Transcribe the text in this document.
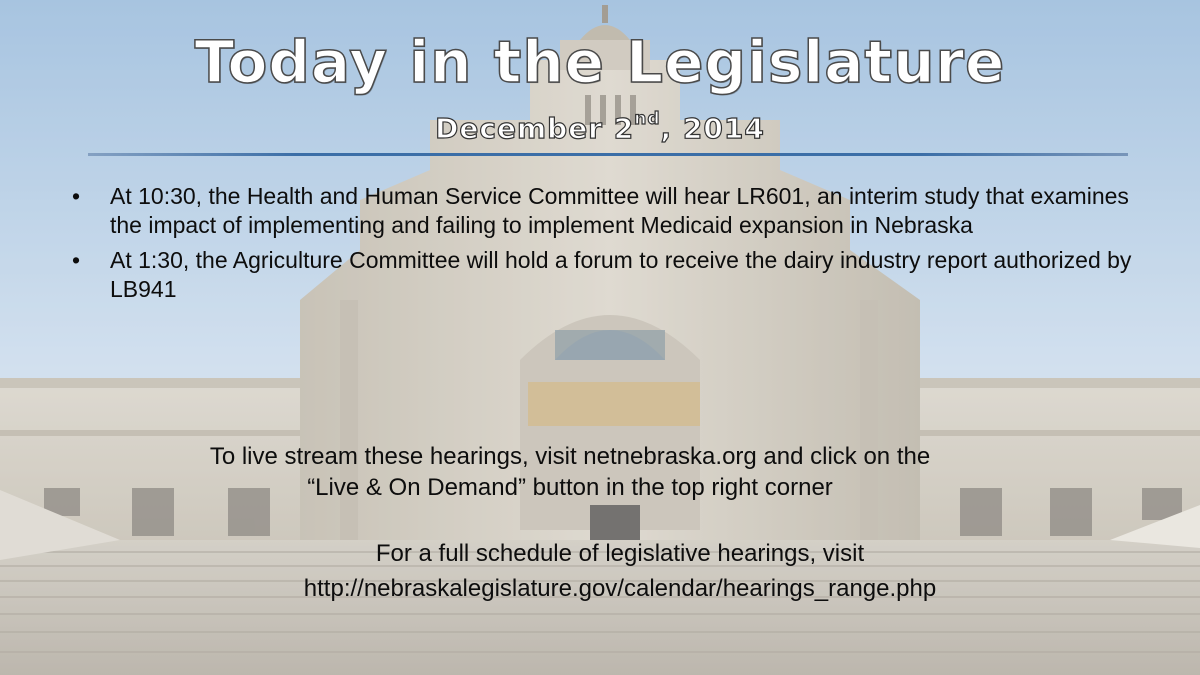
Today in the Legislature
December 2nd, 2014
• At 10:30, the Health and Human Service Committee will hear LR601, an interim study that examines the impact of implementing and failing to implement Medicaid expansion in Nebraska
• At 1:30, the Agriculture Committee will hold a forum to receive the dairy industry report authorized by LB941
To live stream these hearings, visit netnebraska.org and click on the
“Live & On Demand” button in the top right corner
For a full schedule of legislative hearings, visit
http://nebraskalegislature.gov/calendar/hearings_range.php
